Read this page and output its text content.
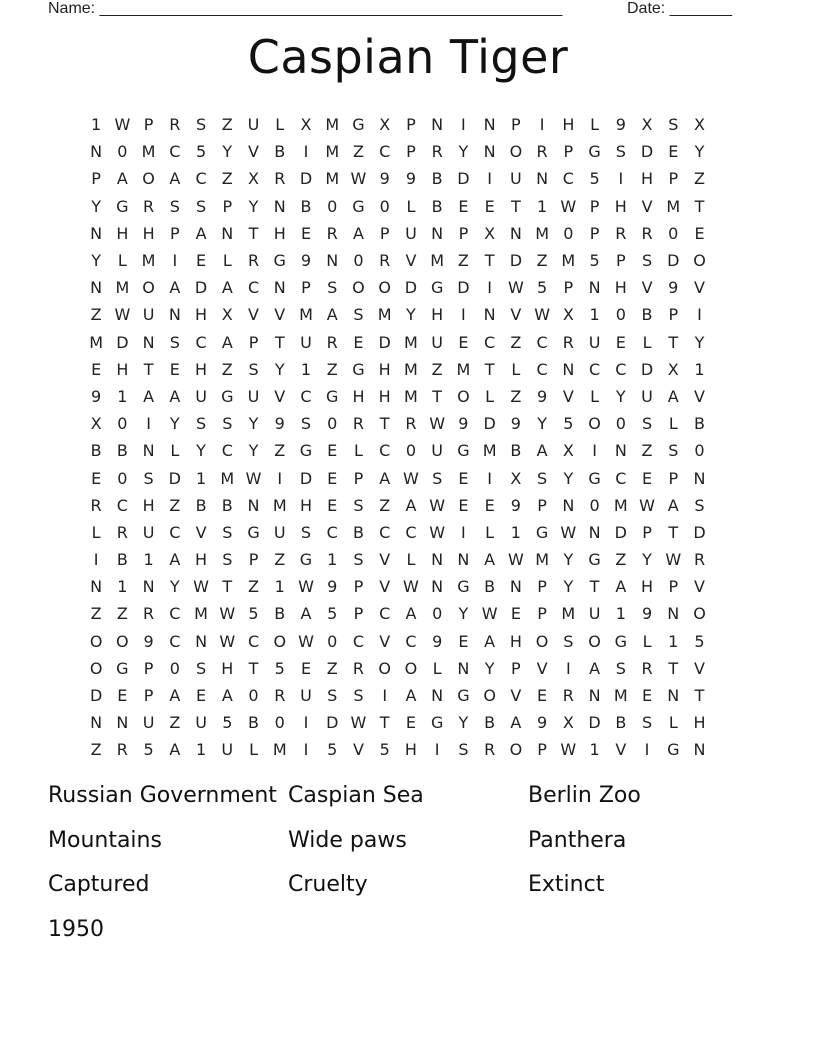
Name: ____________________________________________________	Date: _______
Caspian Tiger
1 W P R S Z U L	X M G X P N	I	N P	I	H L	9 X S X
N 0 M C 5	Y V B	I	M Z C P R Y N O R P G S D E	Y
P A O A C Z X R D M W 9	9 B D	I	U N C 5	I	H P Z
Y G R S	S	P	Y N B 0 G 0	L	B E	E	T	1 W P H V M T
N H H P A N T H E R A P U N P X N M 0	P R R 0	E
Y	L M	I	E	L	R G 9 N 0 R V M Z T D Z M 5	P	S D O
N M O A D A C N P	S O O D G D	I W 5	P N H V 9 V
Z W U N H X V V M A S M Y H	I	N V W X 1	0 B P	I
M D N S C A P	T U R E D M U E C Z C R U E	L	T	Y
E H T	E H Z S	Y	1 Z G H M Z M T	L	C N C C D X 1
9	1 A A U G U V C G H H M T O L	Z 9 V	L	Y U A V
X 0	I	Y	S	S	Y	9	S	0 R T R W 9 D 9	Y	5 O 0	S	L	B
B B N L	Y C Y Z G E	L	C 0 U G M B A X	I	N Z S	0
E	0	S D 1 M W I	D E	P A W S	E	I	X S	Y G C E	P N
R C H Z B B N M H E	S Z A W E	E	9	P N 0 M W A S
L	R U C V S G U S C B C C W I	L	1 G W N D P	T D
I	B 1 A H S	P Z G 1	S V	L N N A W M Y G Z Y W R
N 1 N Y W T Z 1 W 9	P V W N G B N P	Y	T A H P V
Z Z R C M W 5 B A 5	P C A 0	Y W E	P M U 1	9 N O
O O 9 C N W C O W 0 C V C 9	E A H O S O G L	1	5
O G P	0	S H T	5	E Z R O O L N Y	P V	I	A S R T V
D E	P A E A 0 R U S	S	I	A N G O V E R N M E N T
N N U Z U 5 B 0	I	D W T	E G Y B A 9 X D B S	L H
Z R 5 A 1 U L M	I	5 V 5 H	I	S R O P W 1 V	I	G N
Russian Government Caspian Sea	Berlin Zoo
Mountains	Wide paws	Panthera
Captured	Cruelty	Extinct
1950
